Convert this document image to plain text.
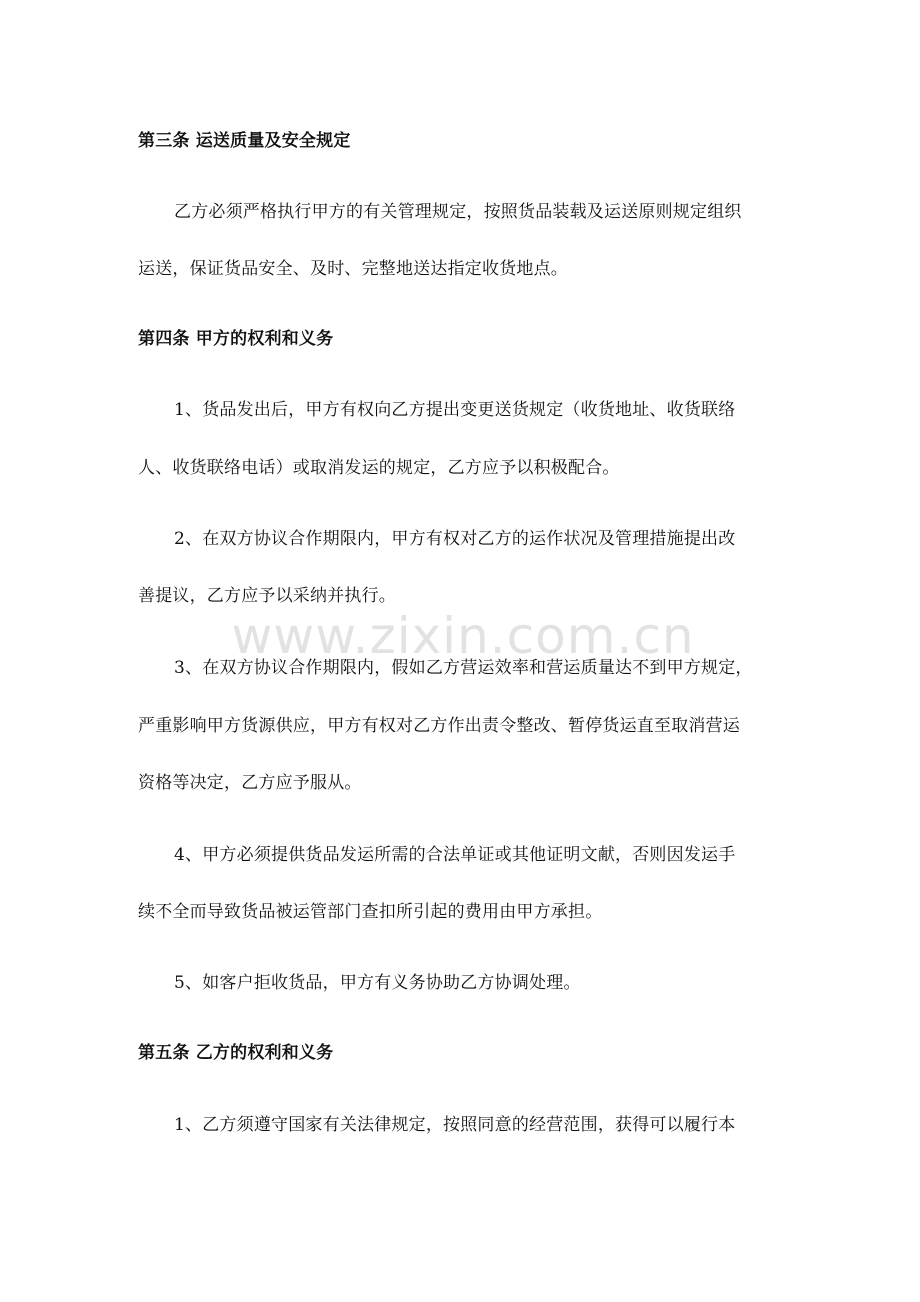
第三条 运送质量及安全规定
乙方必须严格执行甲方的有关管理规定，按照货品装载及运送原则规定组织
运送，保证货品安全、及时、完整地送达指定收货地点。
第四条 甲方的权利和义务
1、货品发出后，甲方有权向乙方提出变更送货规定（收货地址、收货联络
人、收货联络电话）或取消发运的规定，乙方应予以积极配合。
2、在双方协议合作期限内，甲方有权对乙方的运作状况及管理措施提出改
善提议，乙方应予以采纳并执行。
3、在双方协议合作期限内，假如乙方营运效率和营运质量达不到甲方规定，
严重影响甲方货源供应，甲方有权对乙方作出责令整改、暂停货运直至取消营运
资格等决定，乙方应予服从。
4、甲方必须提供货品发运所需的合法单证或其他证明文献，否则因发运手
续不全而导致货品被运管部门查扣所引起的费用由甲方承担。
5、如客户拒收货品，甲方有义务协助乙方协调处理。
第五条 乙方的权利和义务
1、乙方须遵守国家有关法律规定，按照同意的经营范围，获得可以履行本
www.zixin.com.cn
